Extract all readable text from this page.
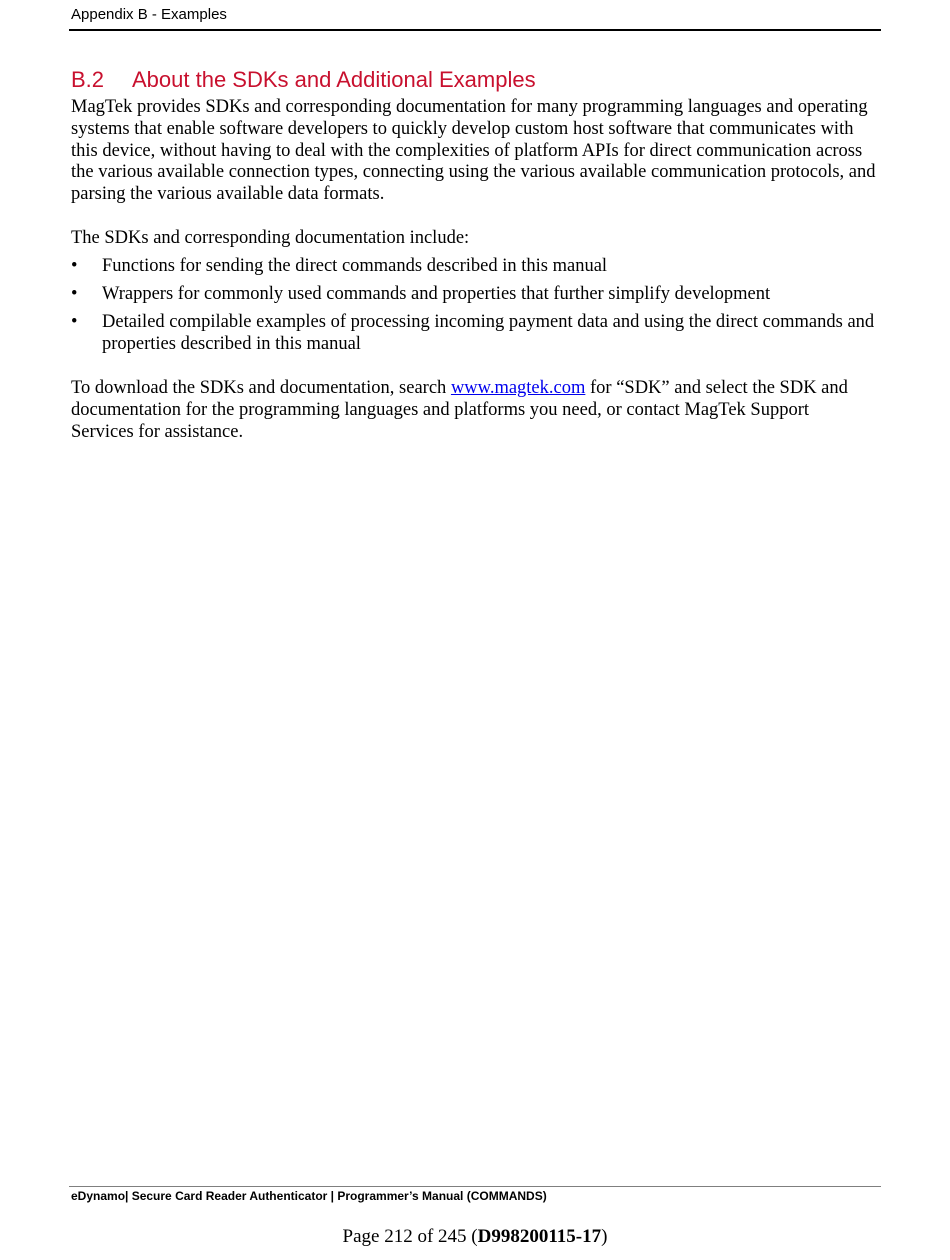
Appendix B - Examples
B.2 About the SDKs and Additional Examples

MagTek provides SDKs and corresponding documentation for many programming languages and operating systems that enable software developers to quickly develop custom host software that communicates with this device, without having to deal with the complexities of platform APIs for direct communication across the various available connection types, connecting using the various available communication protocols, and parsing the various available data formats.

The SDKs and corresponding documentation include:

• Functions for sending the direct commands described in this manual
• Wrappers for commonly used commands and properties that further simplify development
• Detailed compilable examples of processing incoming payment data and using the direct commands and properties described in this manual

To download the SDKs and documentation, search www.magtek.com for “SDK” and select the SDK and documentation for the programming languages and platforms you need, or contact MagTek Support Services for assistance.

eDynamo| Secure Card Reader Authenticator | Programmer’s Manual (COMMANDS)
Page 212 of 245 (D998200115-17)
